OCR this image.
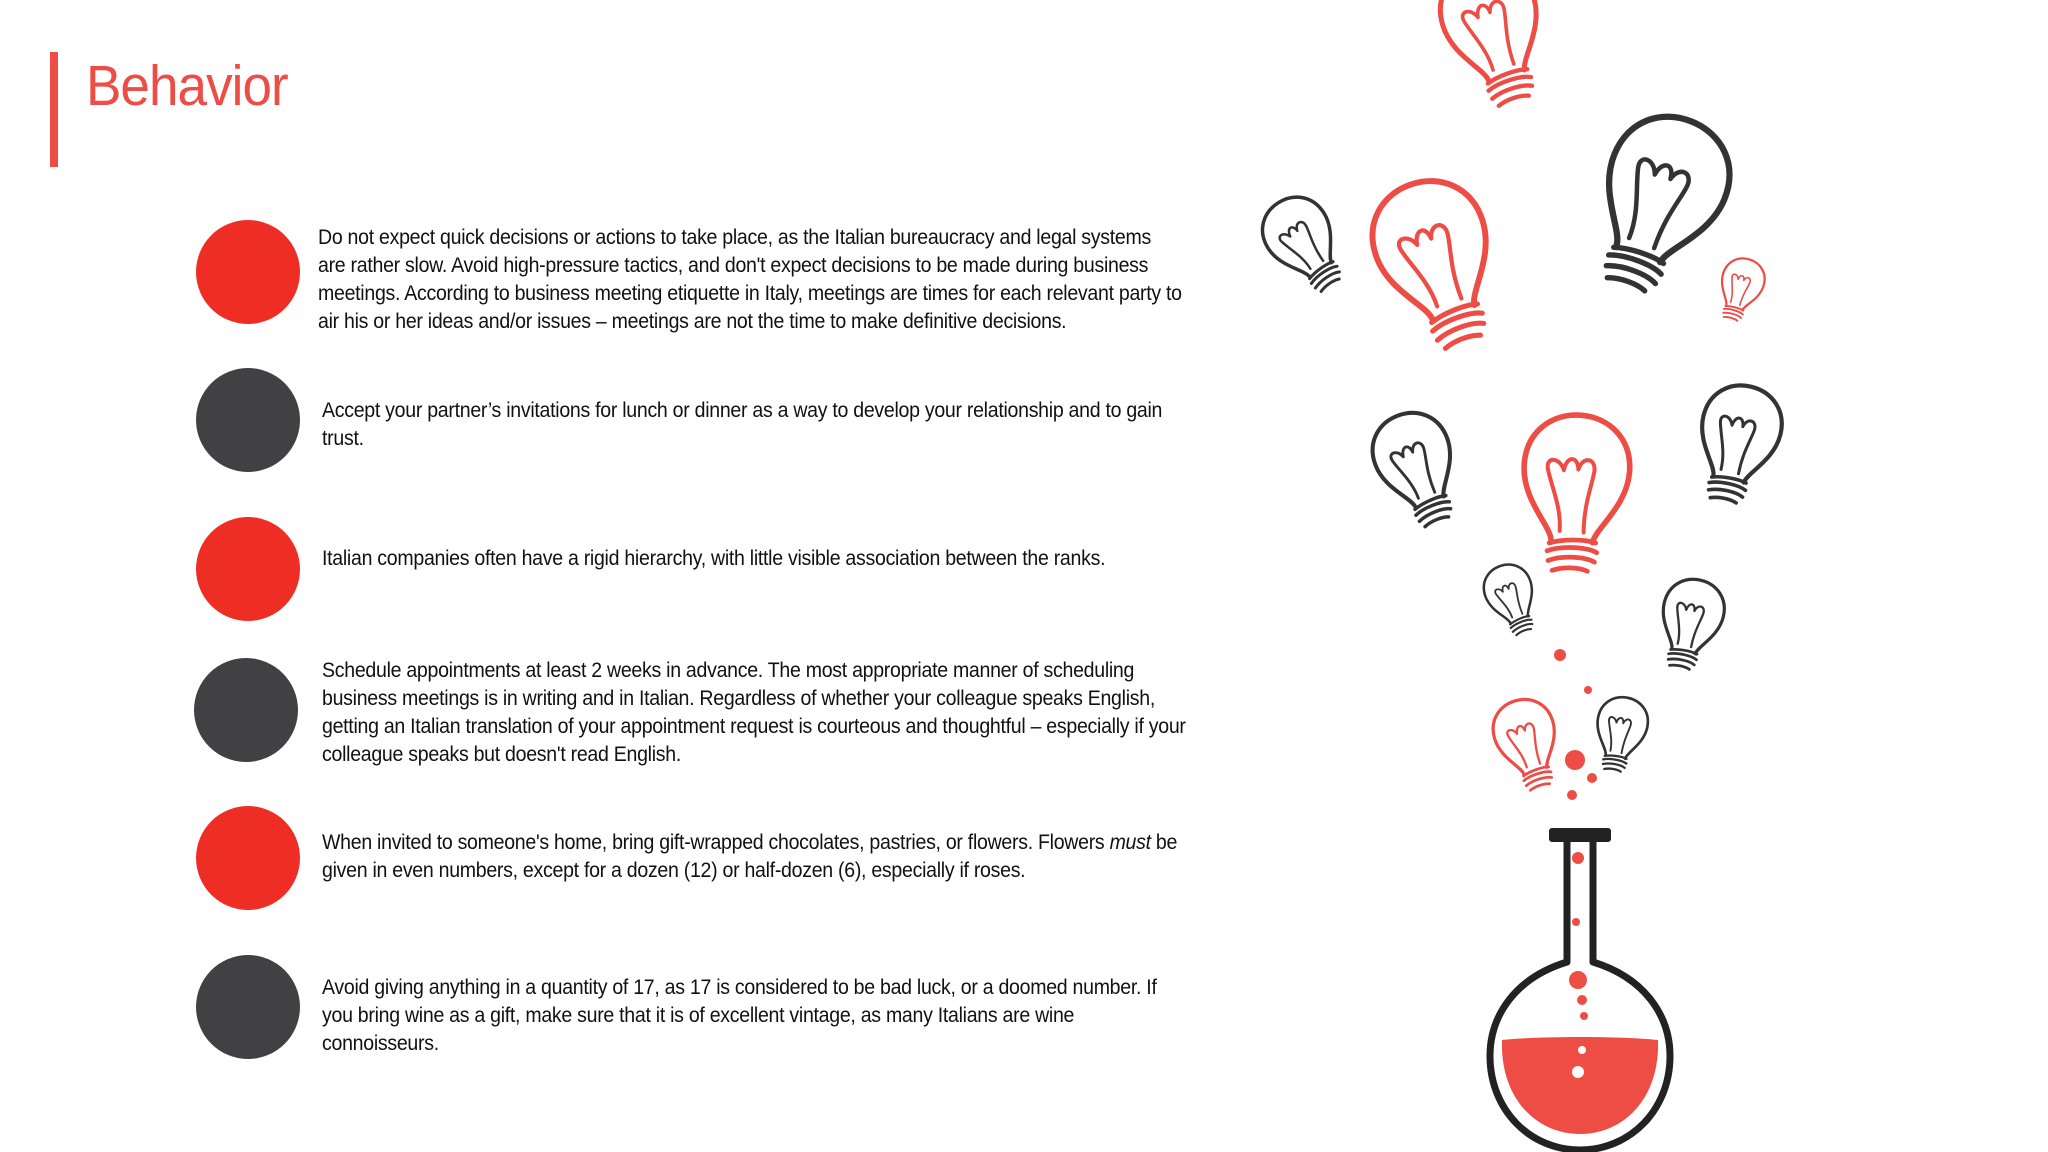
Behavior

Do not expect quick decisions or actions to take place, as the Italian bureaucracy and legal systems are rather slow. Avoid high-pressure tactics, and don't expect decisions to be made during business meetings. According to business meeting etiquette in Italy, meetings are times for each relevant party to air his or her ideas and/or issues – meetings are not the time to make definitive decisions.

Accept your partner’s invitations for lunch or dinner as a way to develop your relationship and to gain trust.

Italian companies often have a rigid hierarchy, with little visible association between the ranks.

Schedule appointments at least 2 weeks in advance. The most appropriate manner of scheduling business meetings is in writing and in Italian. Regardless of whether your colleague speaks English, getting an Italian translation of your appointment request is courteous and thoughtful – especially if your colleague speaks but doesn't read English.

When invited to someone's home, bring gift-wrapped chocolates, pastries, or flowers. Flowers must be given in even numbers, except for a dozen (12) or half-dozen (6), especially if roses.

Avoid giving anything in a quantity of 17, as 17 is considered to be bad luck, or a doomed number. If you bring wine as a gift, make sure that it is of excellent vintage, as many Italians are wine connoisseurs.
